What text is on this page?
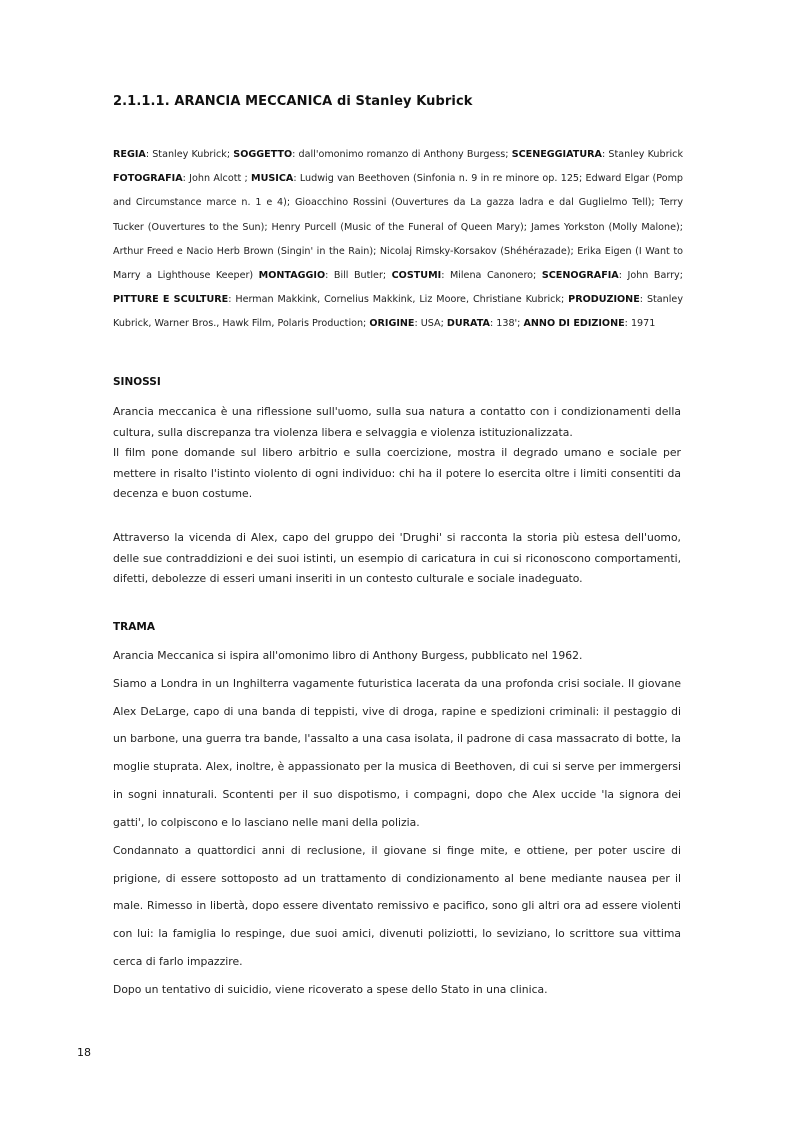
2.1.1.1. ARANCIA MECCANICA di Stanley Kubrick
REGIA: Stanley Kubrick; SOGGETTO: dall'omonimo romanzo di Anthony Burgess; SCENEGGIATURA: Stanley Kubrick FOTOGRAFIA: John Alcott ; MUSICA: Ludwig van Beethoven (Sinfonia n. 9 in re minore op. 125; Edward Elgar (Pomp and Circumstance marce n. 1 e 4); Gioacchino Rossini (Ouvertures da La gazza ladra e dal Guglielmo Tell); Terry Tucker (Ouvertures to the Sun); Henry Purcell (Music of the Funeral of Queen Mary); James Yorkston (Molly Malone); Arthur Freed e Nacio Herb Brown (Singin' in the Rain); Nicolaj Rimsky-Korsakov (Shéhérazade); Erika Eigen (I Want to Marry a Lighthouse Keeper) MONTAGGIO: Bill Butler; COSTUMI: Milena Canonero; SCENOGRAFIA: John Barry; PITTURE E SCULTURE: Herman Makkink, Cornelius Makkink, Liz Moore, Christiane Kubrick; PRODUZIONE: Stanley Kubrick, Warner Bros., Hawk Film, Polaris Production; ORIGINE: USA; DURATA: 138'; ANNO DI EDIZIONE: 1971
SINOSSI
Arancia meccanica è una riflessione sull'uomo, sulla sua natura a contatto con i condizionamenti della cultura, sulla discrepanza tra violenza libera e selvaggia e violenza istituzionalizzata.
Il film pone domande sul libero arbitrio e sulla coercizione, mostra il degrado umano e sociale per mettere in risalto l'istinto violento di ogni individuo: chi ha il potere lo esercita oltre i limiti consentiti da decenza e buon costume.
Attraverso la vicenda di Alex, capo del gruppo dei 'Drughi' si racconta la storia più estesa dell'uomo, delle sue contraddizioni e dei suoi istinti, un esempio di caricatura in cui si riconoscono comportamenti, difetti, debolezze di esseri umani inseriti in un contesto culturale e sociale inadeguato.
TRAMA
Arancia Meccanica si ispira all'omonimo libro di Anthony Burgess, pubblicato nel 1962.
Siamo a Londra in un Inghilterra vagamente futuristica lacerata da una profonda crisi sociale. Il giovane Alex DeLarge, capo di una banda di teppisti, vive di droga, rapine e spedizioni criminali: il pestaggio di un barbone, una guerra tra bande, l'assalto a una casa isolata, il padrone di casa massacrato di botte, la moglie stuprata. Alex, inoltre, è appassionato per la musica di Beethoven, di cui si serve per immergersi in sogni innaturali. Scontenti per il suo dispotismo, i compagni, dopo che Alex uccide 'la signora dei gatti', lo colpiscono e lo lasciano nelle mani della polizia.
Condannato a quattordici anni di reclusione, il giovane si finge mite, e ottiene, per poter uscire di prigione, di essere sottoposto ad un trattamento di condizionamento al bene mediante nausea per il male. Rimesso in libertà, dopo essere diventato remissivo e pacifico, sono gli altri ora ad essere violenti con lui: la famiglia lo respinge, due suoi amici, divenuti poliziotti, lo seviziano, lo scrittore sua vittima cerca di farlo impazzire.
Dopo un tentativo di suicidio, viene ricoverato a spese dello Stato in una clinica.
18
